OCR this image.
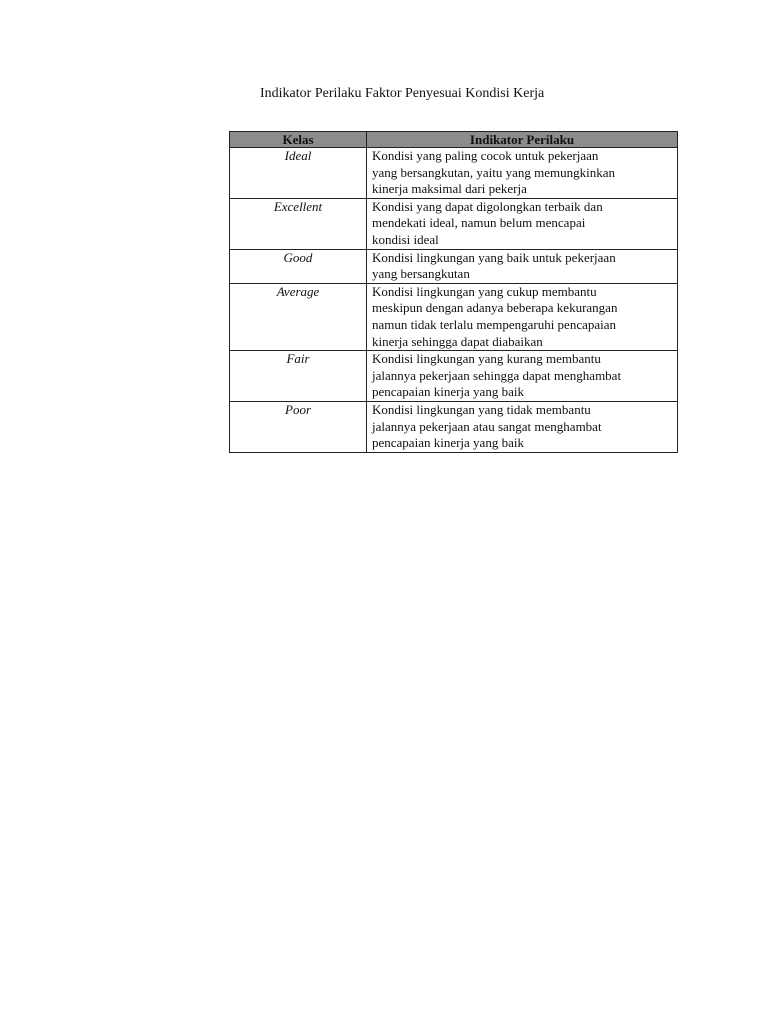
Indikator Perilaku Faktor Penyesuai Kondisi Kerja
Kelas	Indikator Perilaku
Ideal	Kondisi yang paling cocok untuk pekerjaan
yang bersangkutan, yaitu yang memungkinkan
kinerja maksimal dari pekerja

Excellent	Kondisi yang dapat digolongkan terbaik dan
mendekati ideal, namun belum mencapai
kondisi ideal

Good	Kondisi lingkungan yang baik untuk pekerjaan
yang bersangkutan

Average	Kondisi lingkungan yang cukup membantu
meskipun dengan adanya beberapa kekurangan
namun tidak terlalu mempengaruhi pencapaian
kinerja sehingga dapat diabaikan

Fair	Kondisi lingkungan yang kurang membantu
jalannya pekerjaan sehingga dapat menghambat
pencapaian kinerja yang baik

Poor	Kondisi lingkungan yang tidak membantu
jalannya pekerjaan atau sangat menghambat
pencapaian kinerja yang baik
